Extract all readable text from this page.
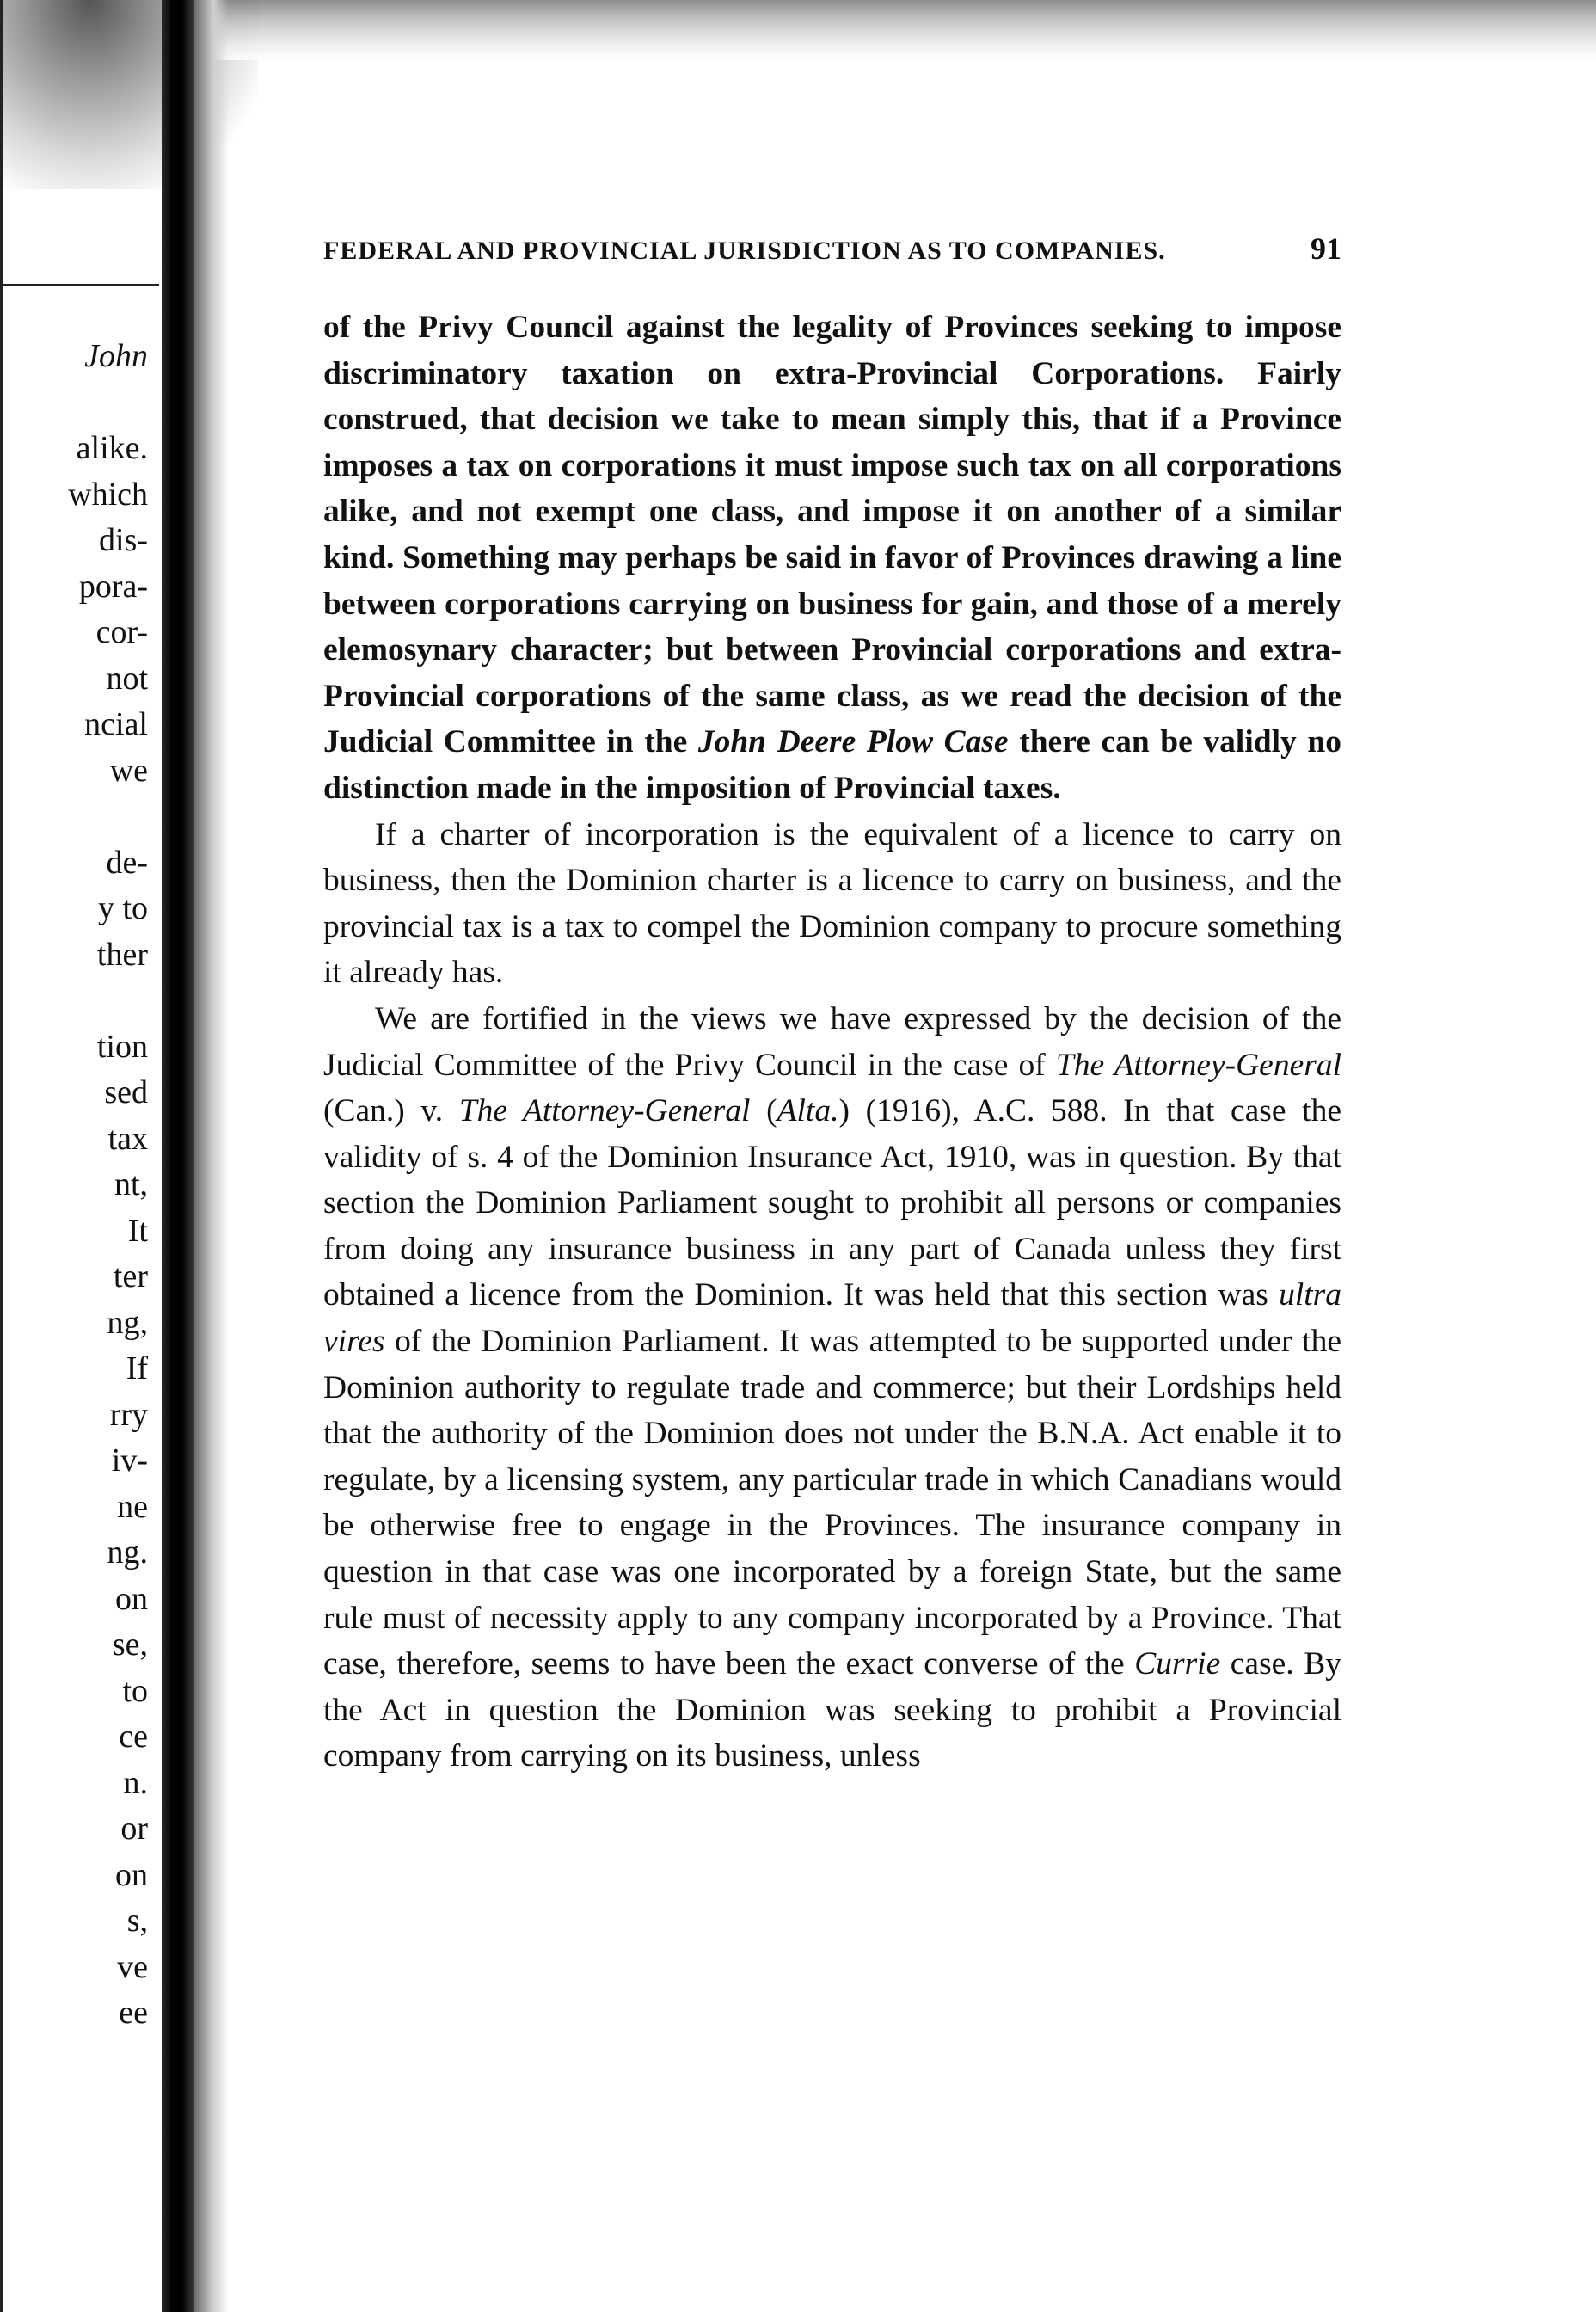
John
alike.
which
dis-
pora-
cor-
not
ncial
we
de-
y to
ther
tion
sed
tax
nt,
It
ter
ng,
If
rry
iv-
ne
ng.
on
se,
to
ce
n.
or
on
s,
ve
ee
FEDERAL AND PROVINCIAL JURISDICTION AS TO COMPANIES.	91

of the Privy Council against the legality of Provinces seeking to impose discriminatory taxation on extra-Provincial Corporations. Fairly construed, that decision we take to mean simply this, that if a Province imposes a tax on corporations it must impose such tax on all corporations alike, and not exempt one class, and impose it on another of a similar kind. Something may perhaps be said in favor of Provinces drawing a line between corporations carrying on business for gain, and those of a merely elemosynary character; but between Provincial corporations and extra-Provincial corporations of the same class, as we read the decision of the Judicial Committee in the John Deere Plow Case there can be validly no distinction made in the imposition of Provincial taxes.

If a charter of incorporation is the equivalent of a licence to carry on business, then the Dominion charter is a licence to carry on business, and the provincial tax is a tax to compel the Dominion company to procure something it already has.

We are fortified in the views we have expressed by the decision of the Judicial Committee of the Privy Council in the case of The Attorney-General (Can.) v. The Attorney-General (Alta.) (1916), A.C. 588. In that case the validity of s. 4 of the Dominion Insurance Act, 1910, was in question. By that section the Dominion Parliament sought to prohibit all persons or companies from doing any insurance business in any part of Canada unless they first obtained a licence from the Dominion. It was held that this section was ultra vires of the Dominion Parliament. It was attempted to be supported under the Dominion authority to regulate trade and commerce; but their Lordships held that the authority of the Dominion does not under the B.N.A. Act enable it to regulate, by a licensing system, any particular trade in which Canadians would be otherwise free to engage in the Provinces. The insurance company in question in that case was one incorporated by a foreign State, but the same rule must of necessity apply to any company incorporated by a Province. That case, therefore, seems to have been the exact converse of the Currie case. By the Act in question the Dominion was seeking to prohibit a Provincial company from carrying on its business, unless
